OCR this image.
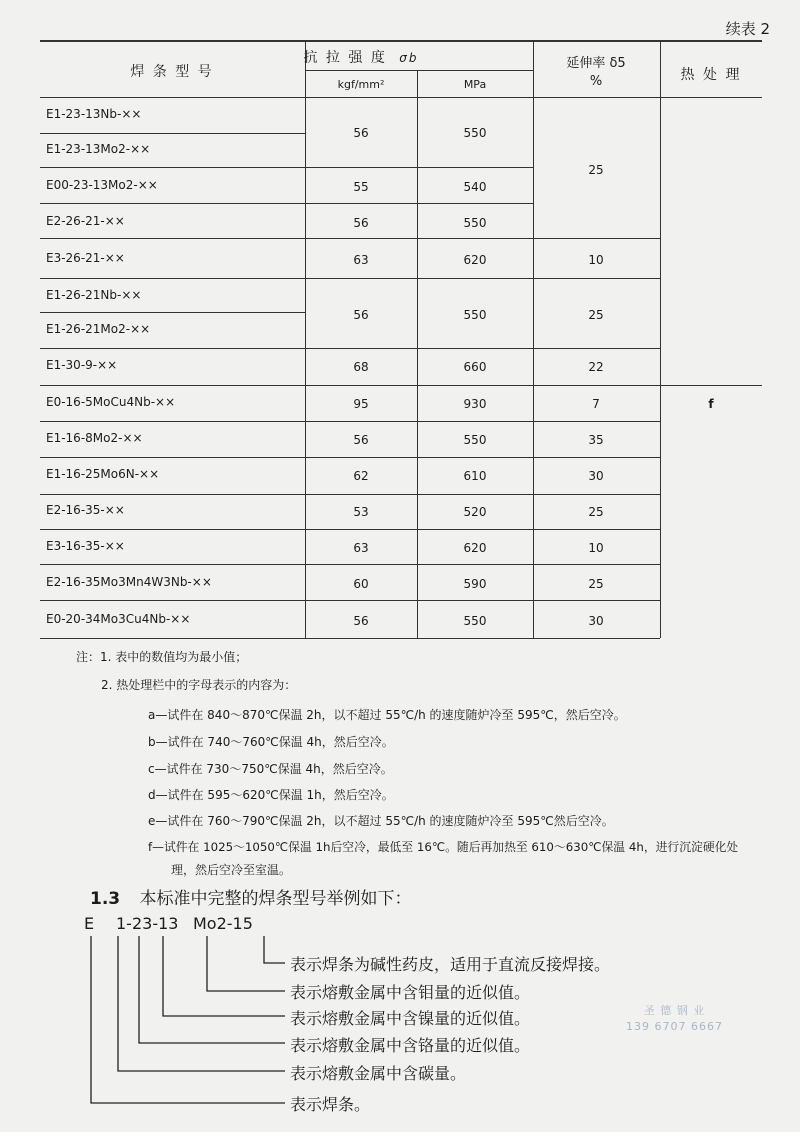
续表 2
焊 条 型 号
抗 拉 强 度 σb
kgf/mm²	MPa
延伸率 δ5
%	热 处 理
E1-23-13Nb-××
E1-23-13Mo2-××
E00-23-13Mo2-××
E2-26-21-××
E3-26-21-××
E1-26-21Nb-××
E1-26-21Mo2-××
E1-30-9-××
E0-16-5MoCu4Nb-××
E1-16-8Mo2-××
E1-16-25Mo6N-××
E2-16-35-××
E3-16-35-××
E2-16-35Mo3Mn4W3Nb-××
E0-20-34Mo3Cu4Nb-××
56
55
56
63
56
68
95
56
62
53
63
60
56
550
540
550
620
550
660
930
550
610
520
620
590
550
25
10
25
22
7
35
30
25
10
25
30
f
注：1. 表中的数值均为最小值；
2. 热处理栏中的字母表示的内容为：
a—试件在 840～870℃保温 2h，以不超过 55℃/h 的速度随炉冷至 595℃，然后空冷。
b—试件在 740～760℃保温 4h，然后空冷。
c—试件在 730～750℃保温 4h，然后空冷。
d—试件在 595～620℃保温 1h，然后空冷。
e—试件在 760～790℃保温 2h，以不超过 55℃/h 的速度随炉冷至 595℃然后空冷。
f—试件在 1025～1050℃保温 1h后空冷，最低至 16℃。随后再加热至 610～630℃保温 4h，进行沉淀硬化处
理，然后空冷至室温。
1.3 本标准中完整的焊条型号举例如下：
E 1-23-13 Mo2-15
表示焊条为碱性药皮，适用于直流反接焊接。
表示熔敷金属中含钼量的近似值。
表示熔敷金属中含镍量的近似值。
表示熔敷金属中含铬量的近似值。
表示熔敷金属中含碳量。
表示焊条。
圣 德 钢 业
139 6707 6667
